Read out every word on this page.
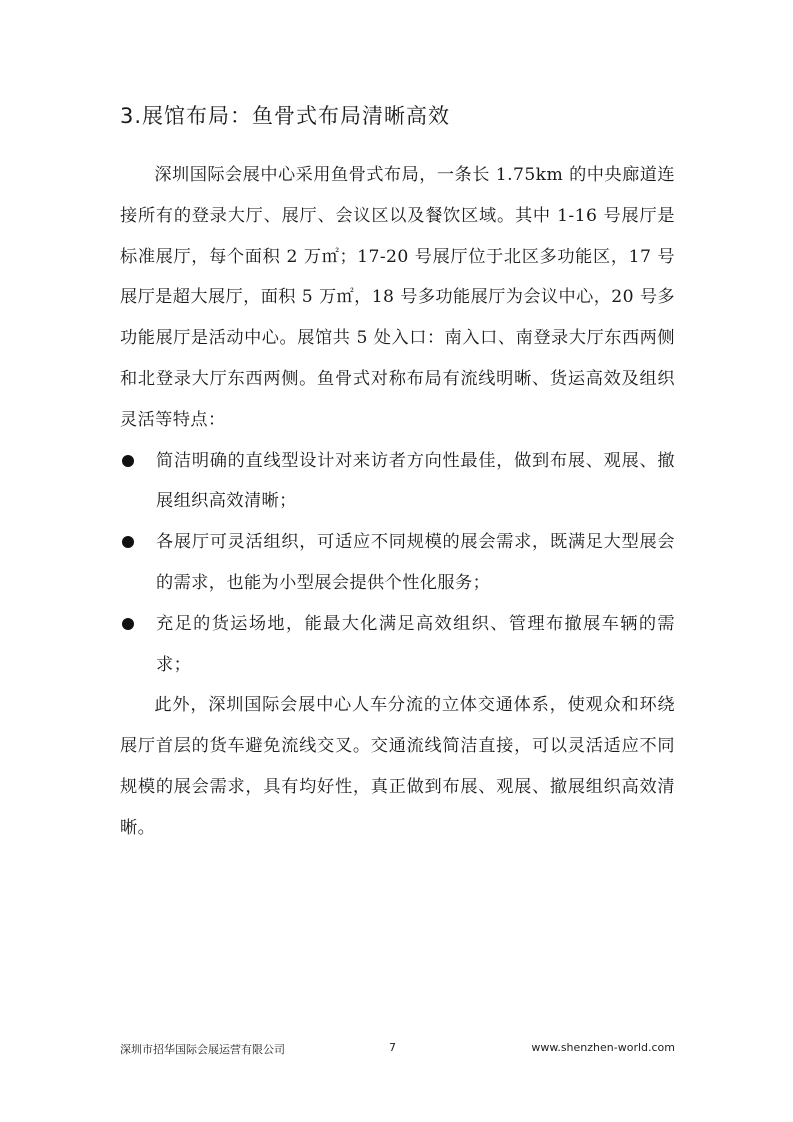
3.展馆布局：鱼骨式布局清晰高效

深圳国际会展中心采用鱼骨式布局，一条长 1.75km 的中央廊道连接所有的登录大厅、展厅、会议区以及餐饮区域。其中 1-16 号展厅是标准展厅，每个面积 2 万㎡；17-20 号展厅位于北区多功能区，17 号展厅是超大展厅，面积 5 万㎡，18 号多功能展厅为会议中心，20 号多功能展厅是活动中心。展馆共 5 处入口：南入口、南登录大厅东西两侧和北登录大厅东西两侧。鱼骨式对称布局有流线明晰、货运高效及组织灵活等特点：

简洁明确的直线型设计对来访者方向性最佳，做到布展、观展、撤展组织高效清晰；

各展厅可灵活组织，可适应不同规模的展会需求，既满足大型展会的需求，也能为小型展会提供个性化服务；

充足的货运场地，能最大化满足高效组织、管理布撤展车辆的需求；

此外，深圳国际会展中心人车分流的立体交通体系，使观众和环绕展厅首层的货车避免流线交叉。交通流线简洁直接，可以灵活适应不同规模的展会需求，具有均好性，真正做到布展、观展、撤展组织高效清晰。

深圳市招华国际会展运营有限公司	7	www.shenzhen-world.com
